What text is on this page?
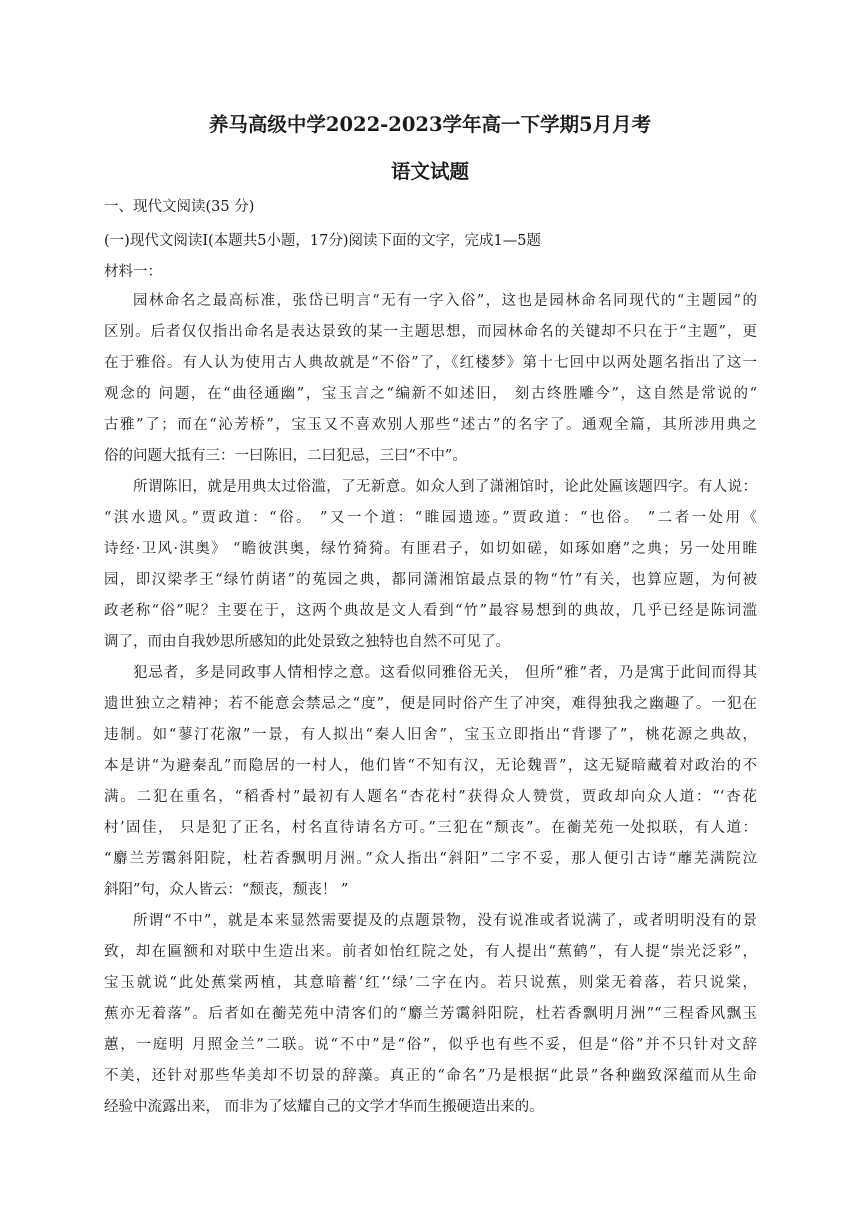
养马高级中学2022-2023学年高一下学期5月月考
语文试题
一、现代文阅读(35 分)
(一)现代文阅读Ⅰ(本题共5小题，17分)阅读下面的文字，完成1—5题
材料一：
园林命名之最高标准，张岱已明言“无有一字入俗”，这也是园林命名同现代的“主题园”的
区别。后者仅仅指出命名是表达景致的某一主题思想，而园林命名的关键却不只在于“主题”，更
在于雅俗。有人认为使用古人典故就是“不俗”了，《红楼梦》第十七回中以两处题名指出了这一
观念的 问题，在“曲径通幽”，宝玉言之“编新不如述旧， 刻古终胜雕今”，这自然是常说的“
古雅”了；而在“沁芳桥”，宝玉又不喜欢别人那些“述古”的名字了。通观全篇，其所涉用典之
俗的问题大抵有三：一曰陈旧，二曰犯忌，三曰“不中”。
所谓陈旧，就是用典太过俗滥，了无新意。如众人到了潇湘馆时，论此处匾该题四字。有人说：
“淇水遗风。”贾政道：“俗。 ”又一个道：“睢园遗迹。”贾政道：“也俗。 ”二者一处用《
诗经·卫风·淇奥》 “瞻彼淇奥，绿竹猗猗。有匪君子，如切如磋，如琢如磨”之典；另一处用睢
园，即汉梁孝王“绿竹荫诸”的菟园之典，都同潇湘馆最点景的物“竹”有关，也算应题，为何被
政老称“俗”呢？主要在于，这两个典故是文人看到“竹”最容易想到的典故，几乎已经是陈词滥
调了，而由自我妙思所感知的此处景致之独特也自然不可见了。
犯忌者，多是同政事人情相悖之意。这看似同雅俗无关， 但所“雅”者，乃是寓于此间而得其
遗世独立之精神；若不能意会禁忌之“度”，便是同时俗产生了冲突，难得独我之幽趣了。一犯在
违制。如“蓼汀花溆”一景，有人拟出“秦人旧舍”，宝玉立即指出“背谬了”，桃花源之典故，
本是讲“为避秦乱”而隐居的一村人，他们皆“不知有汉，无论魏晋”，这无疑暗藏着对政治的不
满。二犯在重名，“稻香村”最初有人题名“杏花村”获得众人赞赏，贾政却向众人道：“‘杏花
村’固佳， 只是犯了正名，村名直待请名方可。”三犯在“颓丧”。在蘅芜苑一处拟联，有人道：
“麝兰芳霭斜阳院，杜若香飘明月洲。”众人指出“斜阳”二字不妥，那人便引古诗“蘼芜满院泣
斜阳”句，众人皆云：“颓丧，颓丧！ ”
所谓“不中”，就是本来显然需要提及的点题景物，没有说准或者说满了，或者明明没有的景
致，却在匾额和对联中生造出来。前者如怡红院之处，有人提出“蕉鹤”，有人提“崇光泛彩”，
宝玉就说“此处蕉棠两植，其意暗蓄‘红’‘绿’二字在内。若只说蕉，则棠无着落，若只说棠，
蕉亦无着落”。后者如在蘅芜苑中清客们的“麝兰芳霭斜阳院，杜若香飘明月洲”“三程香风飘玉
蕙，一庭明 月照金兰”二联。说“不中”是“俗”，似乎也有些不妥，但是“俗”并不只针对文辞
不美，还针对那些华美却不切景的辞藻。真正的“命名”乃是根据“此景”各种幽致深蕴而从生命
经验中流露出来， 而非为了炫耀自己的文学才华而生搬硬造出来的。
